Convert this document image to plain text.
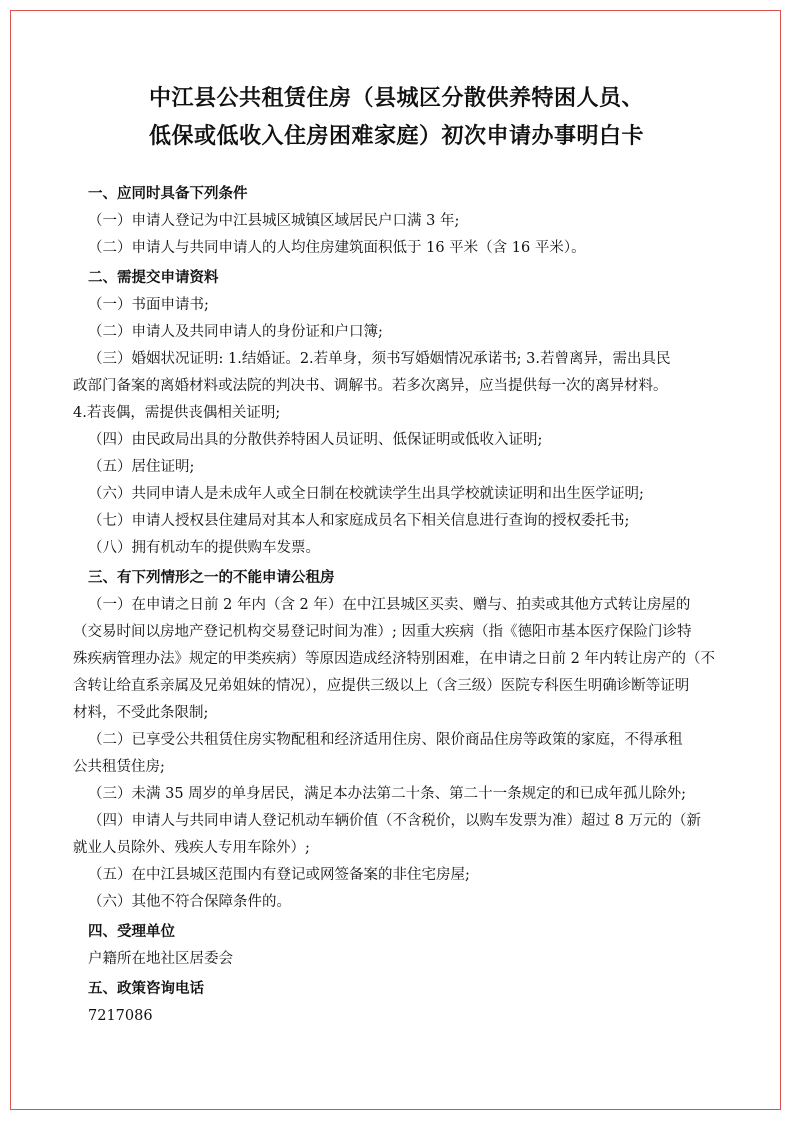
中江县公共租赁住房（县城区分散供养特困人员、
低保或低收入住房困难家庭）初次申请办事明白卡
一、应同时具备下列条件
（一）申请人登记为中江县城区城镇区域居民户口满 3 年;
（二）申请人与共同申请人的人均住房建筑面积低于 16 平米（含 16 平米）。
二、需提交申请资料
（一）书面申请书;
（二）申请人及共同申请人的身份证和户口簿;
（三）婚姻状况证明: 1.结婚证。2.若单身，须书写婚姻情况承诺书; 3.若曾离异，需出具民
政部门备案的离婚材料或法院的判决书、调解书。若多次离异，应当提供每一次的离异材料。
4.若丧偶，需提供丧偶相关证明;
（四）由民政局出具的分散供养特困人员证明、低保证明或低收入证明;
（五）居住证明;
（六）共同申请人是未成年人或全日制在校就读学生出具学校就读证明和出生医学证明;
（七）申请人授权县住建局对其本人和家庭成员名下相关信息进行查询的授权委托书;
（八）拥有机动车的提供购车发票。
三、有下列情形之一的不能申请公租房
（一）在申请之日前 2 年内（含 2 年）在中江县城区买卖、赠与、拍卖或其他方式转让房屋的
（交易时间以房地产登记机构交易登记时间为准）; 因重大疾病（指《德阳市基本医疗保险门诊特
殊疾病管理办法》规定的甲类疾病）等原因造成经济特别困难，在申请之日前 2 年内转让房产的（不
含转让给直系亲属及兄弟姐妹的情况），应提供三级以上（含三级）医院专科医生明确诊断等证明
材料，不受此条限制;
（二）已享受公共租赁住房实物配租和经济适用住房、限价商品住房等政策的家庭，不得承租
公共租赁住房;
（三）未满 35 周岁的单身居民，满足本办法第二十条、第二十一条规定的和已成年孤儿除外;
（四）申请人与共同申请人登记机动车辆价值（不含税价，以购车发票为准）超过 8 万元的（新
就业人员除外、残疾人专用车除外）;
（五）在中江县城区范围内有登记或网签备案的非住宅房屋;
（六）其他不符合保障条件的。
四、受理单位
户籍所在地社区居委会
五、政策咨询电话
7217086
